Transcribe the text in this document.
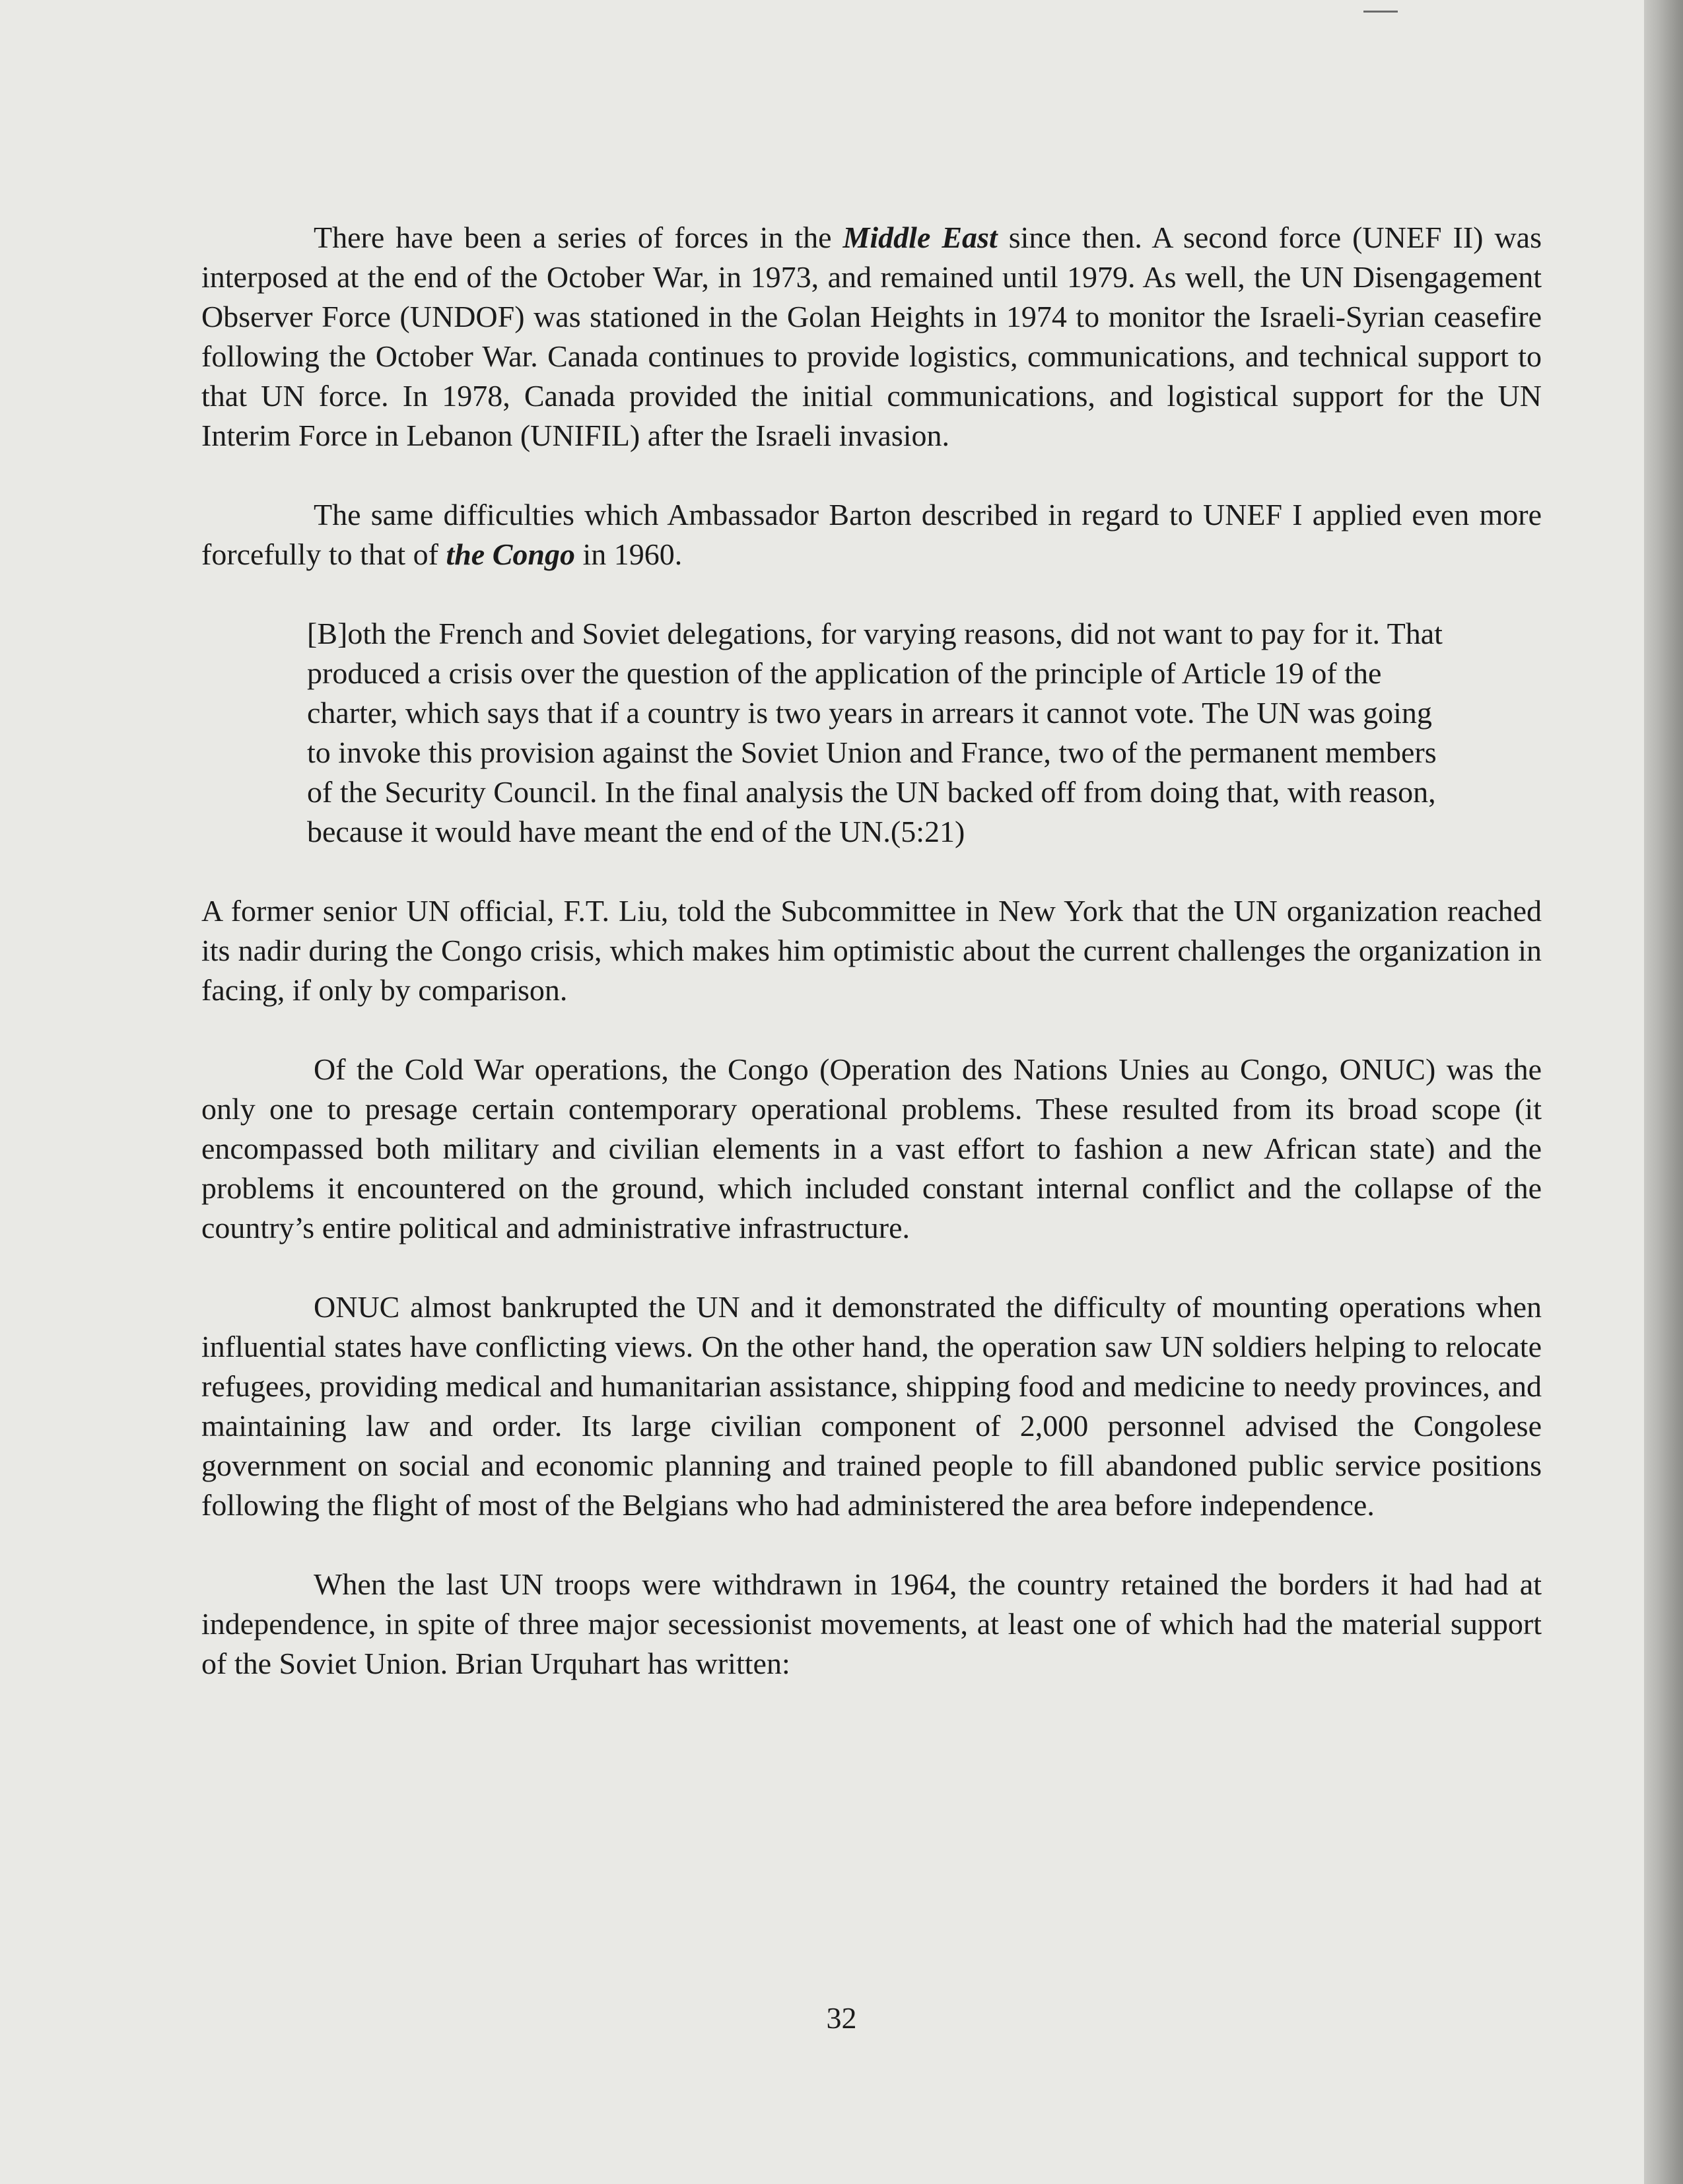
There have been a series of forces in the Middle East since then. A second force (UNEF II) was interposed at the end of the October War, in 1973, and remained until 1979. As well, the UN Disengagement Observer Force (UNDOF) was stationed in the Golan Heights in 1974 to monitor the Israeli-Syrian ceasefire following the October War. Canada continues to provide logistics, communications, and technical support to that UN force. In 1978, Canada provided the initial communications, and logistical support for the UN Interim Force in Lebanon (UNIFIL) after the Israeli invasion.

The same difficulties which Ambassador Barton described in regard to UNEF I applied even more forcefully to that of the Congo in 1960.

[B]oth the French and Soviet delegations, for varying reasons, did not want to pay for it. That produced a crisis over the question of the application of the principle of Article 19 of the charter, which says that if a country is two years in arrears it cannot vote. The UN was going to invoke this provision against the Soviet Union and France, two of the permanent members of the Security Council. In the final analysis the UN backed off from doing that, with reason, because it would have meant the end of the UN.(5:21)

A former senior UN official, F.T. Liu, told the Subcommittee in New York that the UN organization reached its nadir during the Congo crisis, which makes him optimistic about the current challenges the organization in facing, if only by comparison.

Of the Cold War operations, the Congo (Operation des Nations Unies au Congo, ONUC) was the only one to presage certain contemporary operational problems. These resulted from its broad scope (it encompassed both military and civilian elements in a vast effort to fashion a new African state) and the problems it encountered on the ground, which included constant internal conflict and the collapse of the country’s entire political and administrative infrastructure.

ONUC almost bankrupted the UN and it demonstrated the difficulty of mounting operations when influential states have conflicting views. On the other hand, the operation saw UN soldiers helping to relocate refugees, providing medical and humanitarian assistance, shipping food and medicine to needy provinces, and maintaining law and order. Its large civilian component of 2,000 personnel advised the Congolese government on social and economic planning and trained people to fill abandoned public service positions following the flight of most of the Belgians who had administered the area before independence.

When the last UN troops were withdrawn in 1964, the country retained the borders it had had at independence, in spite of three major secessionist movements, at least one of which had the material support of the Soviet Union. Brian Urquhart has written:

32
